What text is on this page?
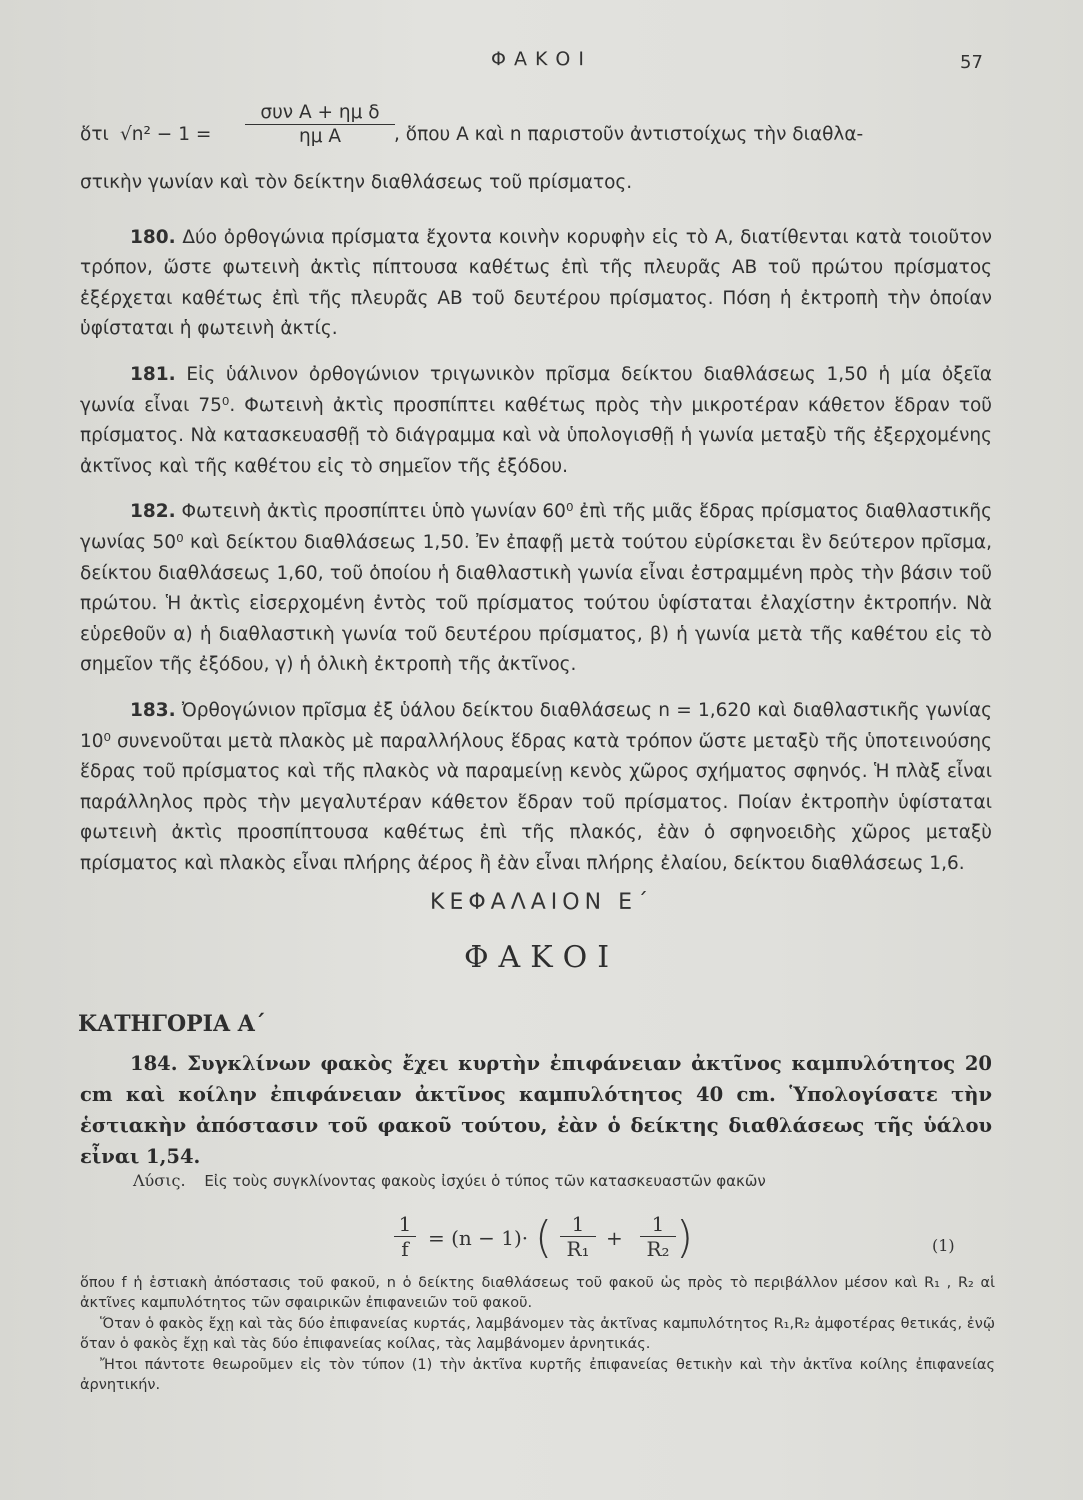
ΦΑΚΟΙ	57
ὅτι √n² − 1 =
συν A + ημ δ
ημ A	, ὅπου A καὶ n παριστοῦν ἀντιστοίχως τὴν διαθλα-

στικὴν γωνίαν καὶ τὸν δείκτην διαθλάσεως τοῦ πρίσματος.

180. Δύο ὀρθογώνια πρίσματα ἔχοντα κοινὴν κορυφὴν εἰς τὸ A, διατίθενται κατὰ τοιοῦτον τρόπον, ὥστε φωτεινὴ ἀκτὶς πίπτουσα καθέτως ἐπὶ τῆς πλευρᾶς AB τοῦ πρώτου πρίσματος ἐξέρχεται καθέτως ἐπὶ τῆς πλευρᾶς AB τοῦ δευτέρου πρίσματος. Πόση ἡ ἐκτροπὴ τὴν ὁποίαν ὑφίσταται ἡ φωτεινὴ ἀκτίς.

181. Εἰς ὑάλινον ὀρθογώνιον τριγωνικὸν πρῖσμα δείκτου διαθλάσεως 1,50 ἡ μία ὀξεῖα γωνία εἶναι 75⁰. Φωτεινὴ ἀκτὶς προσπίπτει καθέτως πρὸς τὴν μικροτέραν κάθετον ἕδραν τοῦ πρίσματος. Νὰ κατασκευασθῇ τὸ διάγραμμα καὶ νὰ ὑπολογισθῇ ἡ γωνία μεταξὺ τῆς ἐξερχομένης ἀκτῖνος καὶ τῆς καθέτου εἰς τὸ σημεῖον τῆς ἐξόδου.

182. Φωτεινὴ ἀκτὶς προσπίπτει ὑπὸ γωνίαν 60⁰ ἐπὶ τῆς μιᾶς ἕδρας πρίσματος διαθλαστικῆς γωνίας 50⁰ καὶ δείκτου διαθλάσεως 1,50. Ἐν ἐπαφῇ μετὰ τούτου εὑρίσκεται ἓν δεύτερον πρῖσμα, δείκτου διαθλάσεως 1,60, τοῦ ὁποίου ἡ διαθλαστικὴ γωνία εἶναι ἐστραμμένη πρὸς τὴν βάσιν τοῦ πρώτου. Ἡ ἀκτὶς εἰσερχομένη ἐντὸς τοῦ πρίσματος τούτου ὑφίσταται ἐλαχίστην ἐκτροπήν. Νὰ εὑρεθοῦν α) ἡ διαθλαστικὴ γωνία τοῦ δευτέρου πρίσματος, β) ἡ γωνία μετὰ τῆς καθέτου εἰς τὸ σημεῖον τῆς ἐξόδου, γ) ἡ ὁλικὴ ἐκτροπὴ τῆς ἀκτῖνος.

183. Ὀρθογώνιον πρῖσμα ἐξ ὑάλου δείκτου διαθλάσεως n = 1,620 καὶ διαθλαστικῆς γωνίας 10⁰ συνενοῦται μετὰ πλακὸς μὲ παραλλήλους ἕδρας κατὰ τρόπον ὥστε μεταξὺ τῆς ὑποτεινούσης ἕδρας τοῦ πρίσματος καὶ τῆς πλακὸς νὰ παραμείνῃ κενὸς χῶρος σχήματος σφηνός. Ἡ πλὰξ εἶναι παράλληλος πρὸς τὴν μεγαλυτέραν κάθετον ἕδραν τοῦ πρίσματος. Ποίαν ἐκτροπὴν ὑφίσταται φωτεινὴ ἀκτὶς προσπίπτουσα καθέτως ἐπὶ τῆς πλακός, ἐὰν ὁ σφηνοειδὴς χῶρος μεταξὺ πρίσματος καὶ πλακὸς εἶναι πλήρης ἀέρος ἢ ἐὰν εἶναι πλήρης ἐλαίου, δείκτου διαθλάσεως 1,6.

ΚΕΦΑΛΑΙΟΝ Ε΄
ΦΑΚΟΙ
ΚΑΤΗΓΟΡΙΑ Α΄

184. Συγκλίνων φακὸς ἔχει κυρτὴν ἐπιφάνειαν ἀκτῖνος καμπυλότητος 20 cm καὶ κοίλην ἐπιφάνειαν ἀκτῖνος καμπυλότητος 40 cm. Ὑπολογίσατε τὴν ἑστιακὴν ἀπόστασιν τοῦ φακοῦ τούτου, ἐὰν ὁ δείκτης διαθλάσεως τῆς ὑάλου εἶναι 1,54.

Λύσις. Εἰς τοὺς συγκλίνοντας φακοὺς ἰσχύει ὁ τύπος τῶν κατασκευαστῶν φακῶν
$\frac{1}{f} = (n - 1)\cdot$ ( $\frac{1}{\text{R₁}} + \frac{1}{\text{R₂}}$ )	(1)

ὅπου f ἡ ἑστιακὴ ἀπόστασις τοῦ φακοῦ, n ὁ δείκτης διαθλάσεως τοῦ φακοῦ ὡς πρὸς τὸ περιβάλλον μέσον καὶ R₁ , R₂ αἱ ἀκτῖνες καμπυλότητος τῶν σφαιρικῶν ἐπιφανειῶν τοῦ φακοῦ.

Ὅταν ὁ φακὸς ἔχῃ καὶ τὰς δύο ἐπιφανείας κυρτάς, λαμβάνομεν τὰς ἀκτῖνας καμπυλότητος R₁,R₂ ἀμφοτέρας θετικάς, ἐνῷ ὅταν ὁ φακὸς ἔχῃ καὶ τὰς δύο ἐπιφανείας κοίλας, τὰς λαμβάνομεν ἀρνητικάς.

Ἤτοι πάντοτε θεωροῦμεν εἰς τὸν τύπον (1) τὴν ἀκτῖνα κυρτῆς ἐπιφανείας θετικὴν καὶ τὴν ἀκτῖνα κοίλης ἐπιφανείας ἀρνητικήν.
